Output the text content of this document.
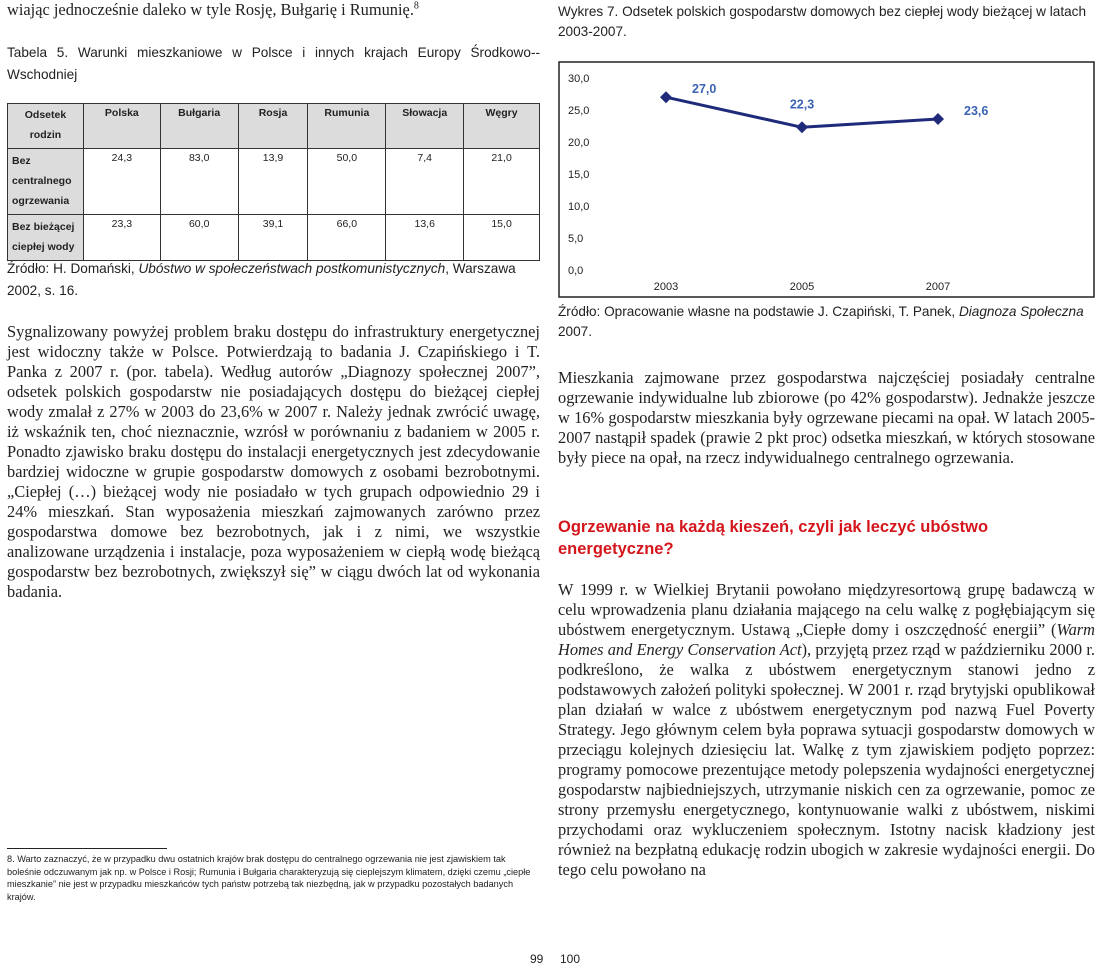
wiając jednocześnie daleko w tyle Rosję, Bułgarię i Rumunię.$^8$
Tabela 5. Warunki mieszkaniowe w Polsce i innych krajach Europy Środkowo--Wschodniej
Odsetek rodzin	Polska	Bułgaria	Rosja	Rumunia	Słowacja	Węgry
Bez centralnego ogrzewania	24,3	83,0	13,9	50,0	7,4	21,0
Bez bieżącej ciepłej wody	23,3	60,0	39,1	66,0	13,6	15,0
Źródło: H. Domański, Ubóstwo w społeczeństwach postkomunistycznych, Warszawa 2002, s. 16.

Sygnalizowany powyżej problem braku dostępu do infrastruktury energetycznej jest widoczny także w Polsce. Potwierdzają to badania J. Czapińskiego i T. Panka z 2007 r. (por. tabela). Według autorów „Diagnozy społecznej 2007”, odsetek polskich gospodarstw nie posiadających dostępu do bieżącej ciepłej wody zmalał z 27% w 2003 do 23,6% w 2007 r. Należy jednak zwrócić uwagę, iż wskaźnik ten, choć nieznacznie, wzrósł w porównaniu z badaniem w 2005 r. Ponadto zjawisko braku dostępu do instalacji energetycznych jest zdecydowanie bardziej widoczne w grupie gospodarstw domowych z osobami bezrobotnymi. „Ciepłej (…) bieżącej wody nie posiadało w tych grupach odpowiednio 29 i 24% mieszkań. Stan wyposażenia mieszkań zajmowanych zarówno przez gospodarstwa domowe bez bezrobotnych, jak i z nimi, we wszystkie analizowane urządzenia i instalacje, poza wyposażeniem w ciepłą wodę bieżącą gospodarstw bez bezrobotnych, zwiększył się” w ciągu dwóch lat od wykonania badania.

8. Warto zaznaczyć, że w przypadku dwu ostatnich krajów brak dostępu do centralnego ogrzewania nie jest zjawiskiem tak boleśnie odczuwanym jak np. w Polsce i Rosji; Rumunia i Bułgaria charakteryzują się cieplejszym klimatem, dzięki czemu „ciepłe mieszkanie” nie jest w przypadku mieszkańców tych państw potrzebą tak niezbędną, jak w przypadku pozostałych badanych krajów.
99
Wykres 7. Odsetek polskich gospodarstw domowych bez ciepłej wody bieżącej w latach 2003-2007.
0,0
5,0
10,0
15,0
20,0
25,0
30,0
2003	2005	2007
27,0
22,3	23,6
Źródło: Opracowanie własne na podstawie J. Czapiński, T. Panek, Diagnoza Społeczna 2007.

Mieszkania zajmowane przez gospodarstwa najczęściej posiadały centralne ogrzewanie indywidualne lub zbiorowe (po 42% gospodarstw). Jednakże jeszcze w 16% gospodarstw mieszkania były ogrzewane piecami na opał. W latach 2005-2007 nastąpił spadek (prawie 2 pkt proc) odsetka mieszkań, w których stosowane były piece na opał, na rzecz indywidualnego centralnego ogrzewania.

Ogrzewanie na każdą kieszeń, czyli jak leczyć ubóstwo energetyczne?

W 1999 r. w Wielkiej Brytanii powołano międzyresortową grupę badawczą w celu wprowadzenia planu działania mającego na celu walkę z pogłębiającym się ubóstwem energetycznym. Ustawą „Ciepłe domy i oszczędność energii” (Warm Homes and Energy Conservation Act), przyjętą przez rząd w październiku 2000 r. podkreślono, że walka z ubóstwem energetycznym stanowi jedno z podstawowych założeń polityki społecznej. W 2001 r. rząd brytyjski opublikował plan działań w walce z ubóstwem energetycznym pod nazwą Fuel Poverty Strategy. Jego głównym celem była poprawa sytuacji gospodarstw domowych w przeciągu kolejnych dziesięciu lat. Walkę z tym zjawiskiem podjęto poprzez: programy pomocowe prezentujące metody polepszenia wydajności energetycznej gospodarstw najbiedniejszych, utrzymanie niskich cen za ogrzewanie, pomoc ze strony przemysłu energetycznego, kontynuowanie walki z ubóstwem, niskimi przychodami oraz wykluczeniem społecznym. Istotny nacisk kładziony jest również na bezpłatną edukację rodzin ubogich w zakresie wydajności energii. Do tego celu powołano na

100
